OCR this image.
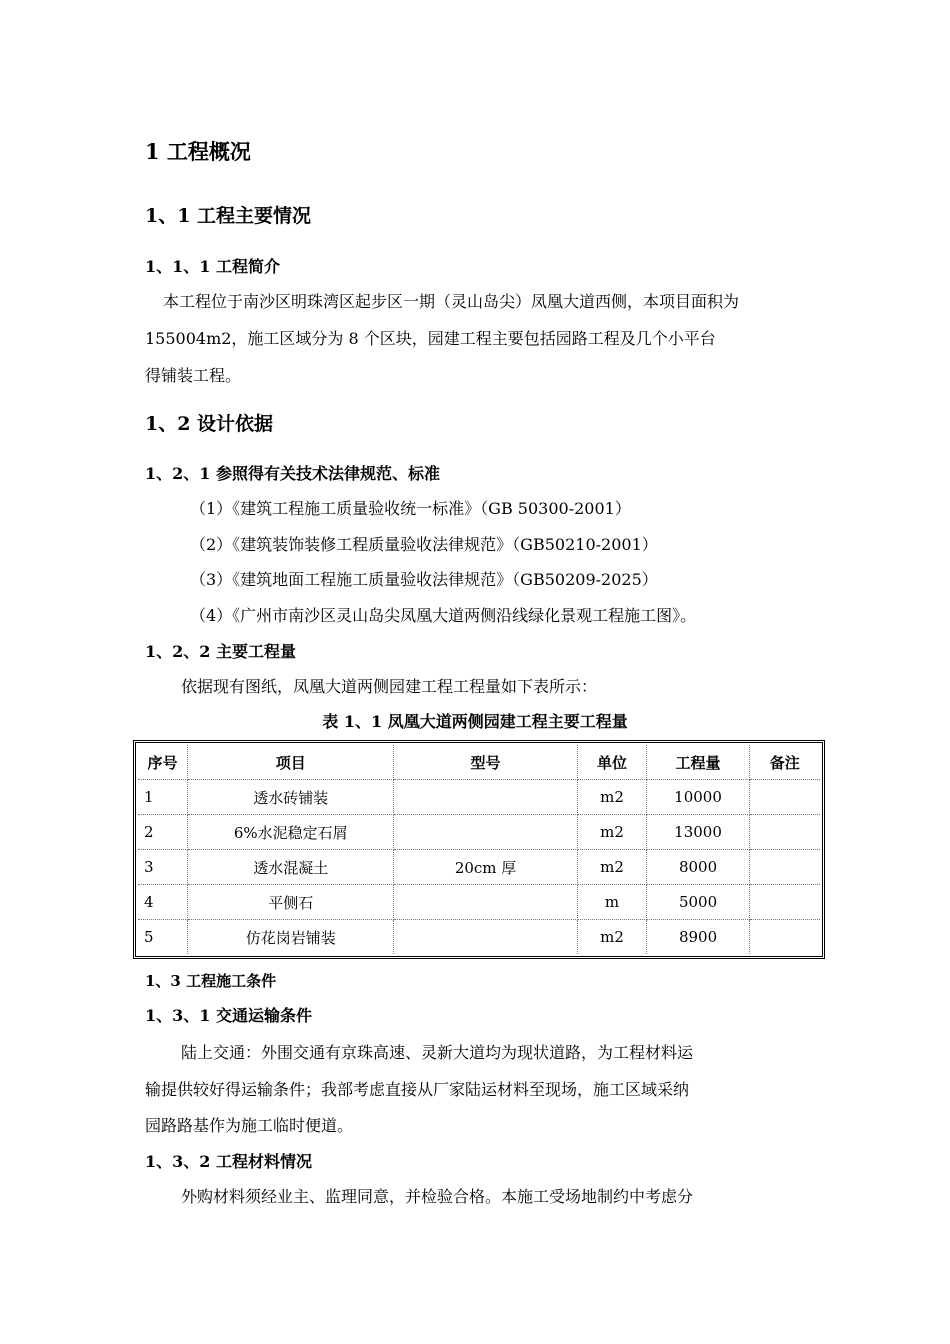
1 工程概况
1、1 工程主要情况
1、1、1 工程简介
本工程位于南沙区明珠湾区起步区一期（灵山岛尖）凤凰大道西侧，本项目面积为
155004m2，施工区域分为 8 个区块，园建工程主要包括园路工程及几个小平台
得铺装工程。
1、2 设计依据
1、2、1 参照得有关技术法律规范、标准
（1）《建筑工程施工质量验收统一标准》（GB 50300-2001）
（2）《建筑装饰装修工程质量验收法律规范》（GB50210-2001）
（3）《建筑地面工程施工质量验收法律规范》（GB50209-2025）
（4）《广州市南沙区灵山岛尖凤凰大道两侧沿线绿化景观工程施工图》。
1、2、2 主要工程量
依据现有图纸，凤凰大道两侧园建工程工程量如下表所示：
表 1、1 凤凰大道两侧园建工程主要工程量
序号	项目	型号	单位	工程量	备注
1	透水砖铺装		m2	10000	
2	6%水泥稳定石屑		m2	13000	
3	透水混凝土	20cm 厚	m2	8000	
4	平侧石		m	5000	
5	仿花岗岩铺装		m2	8900	
1、3 工程施工条件
1、3、1 交通运输条件
陆上交通：外围交通有京珠高速、灵新大道均为现状道路，为工程材料运
输提供较好得运输条件；我部考虑直接从厂家陆运材料至现场，施工区域采纳
园路路基作为施工临时便道。
1、3、2 工程材料情况
外购材料须经业主、监理同意，并检验合格。本施工受场地制约中考虑分
